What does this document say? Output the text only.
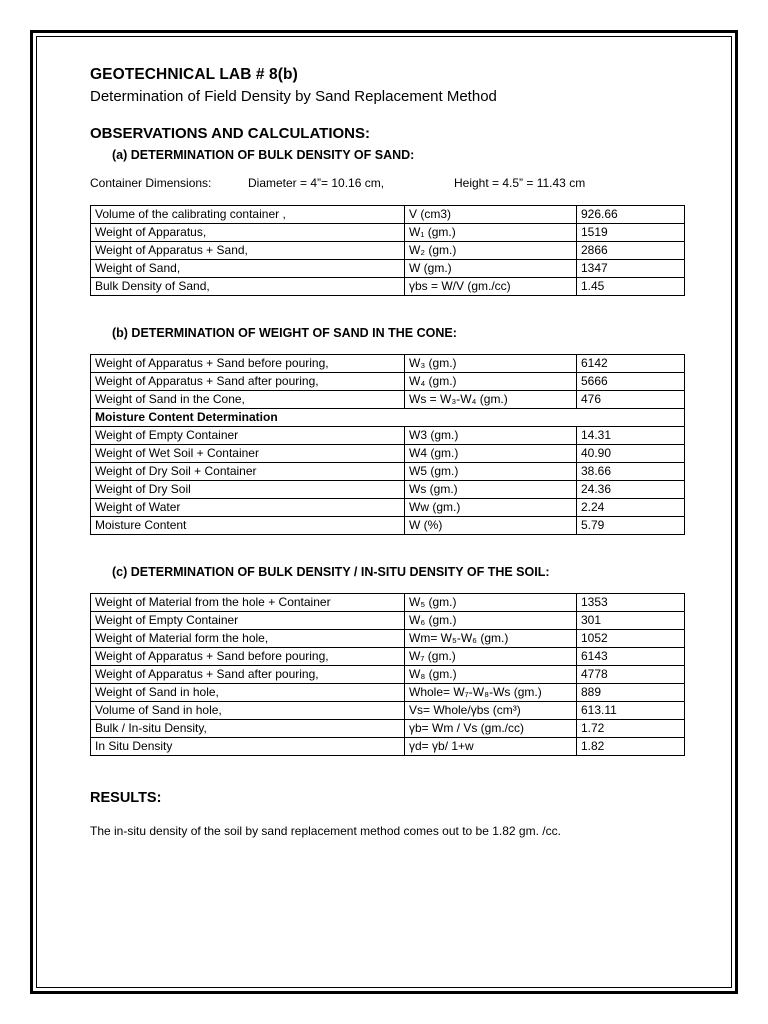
GEOTECHNICAL LAB # 8(b)

Determination of Field Density by Sand Replacement Method

OBSERVATIONS AND CALCULATIONS:

(a) DETERMINATION OF BULK DENSITY OF SAND:

Container Dimensions:	Diameter = 4”= 10.16 cm,	Height = 4.5” = 11.43 cm
Volume of the calibrating container ,	V (cm3)	926.66
Weight of Apparatus,	W₁ (gm.)	1519
Weight of Apparatus + Sand,	W₂ (gm.)	2866
Weight of Sand,	W (gm.)	1347
Bulk Density of Sand,	γbs = W/V (gm./cc)	1.45

(b) DETERMINATION OF WEIGHT OF SAND IN THE CONE:

Weight of Apparatus + Sand before pouring,	W₃ (gm.)	6142
Weight of Apparatus + Sand after pouring,	W₄ (gm.)	5666
Weight of Sand in the Cone,	Ws = W₃-W₄ (gm.)	476
Moisture Content Determination		
Weight of Empty Container	W3 (gm.)	14.31
Weight of Wet Soil + Container	W4 (gm.)	40.90
Weight of Dry Soil + Container	W5 (gm.)	38.66
Weight of Dry Soil	Ws (gm.)	24.36
Weight of Water	Ww (gm.)	2.24
Moisture Content	W (%)	5.79

(c) DETERMINATION OF BULK DENSITY / IN-SITU DENSITY OF THE SOIL:

Weight of Material from the hole + Container	W₅ (gm.)	1353
Weight of Empty Container	W₆ (gm.)	301
Weight of Material form the hole,	Wm= W₅-W₆ (gm.)	1052
Weight of Apparatus + Sand before pouring,	W₇ (gm.)	6143
Weight of Apparatus + Sand after pouring,	W₈ (gm.)	4778
Weight of Sand in hole,	Whole= W₇-W₈-Ws (gm.)	889
Volume of Sand in hole,	Vs= Whole/γbs (cm³)	613.11
Bulk / In-situ Density,	γb= Wm / Vs (gm./cc)	1.72
In Situ Density	γd= γb/ 1+w	1.82

RESULTS:

The in-situ density of the soil by sand replacement method comes out to be 1.82 gm. /cc.
